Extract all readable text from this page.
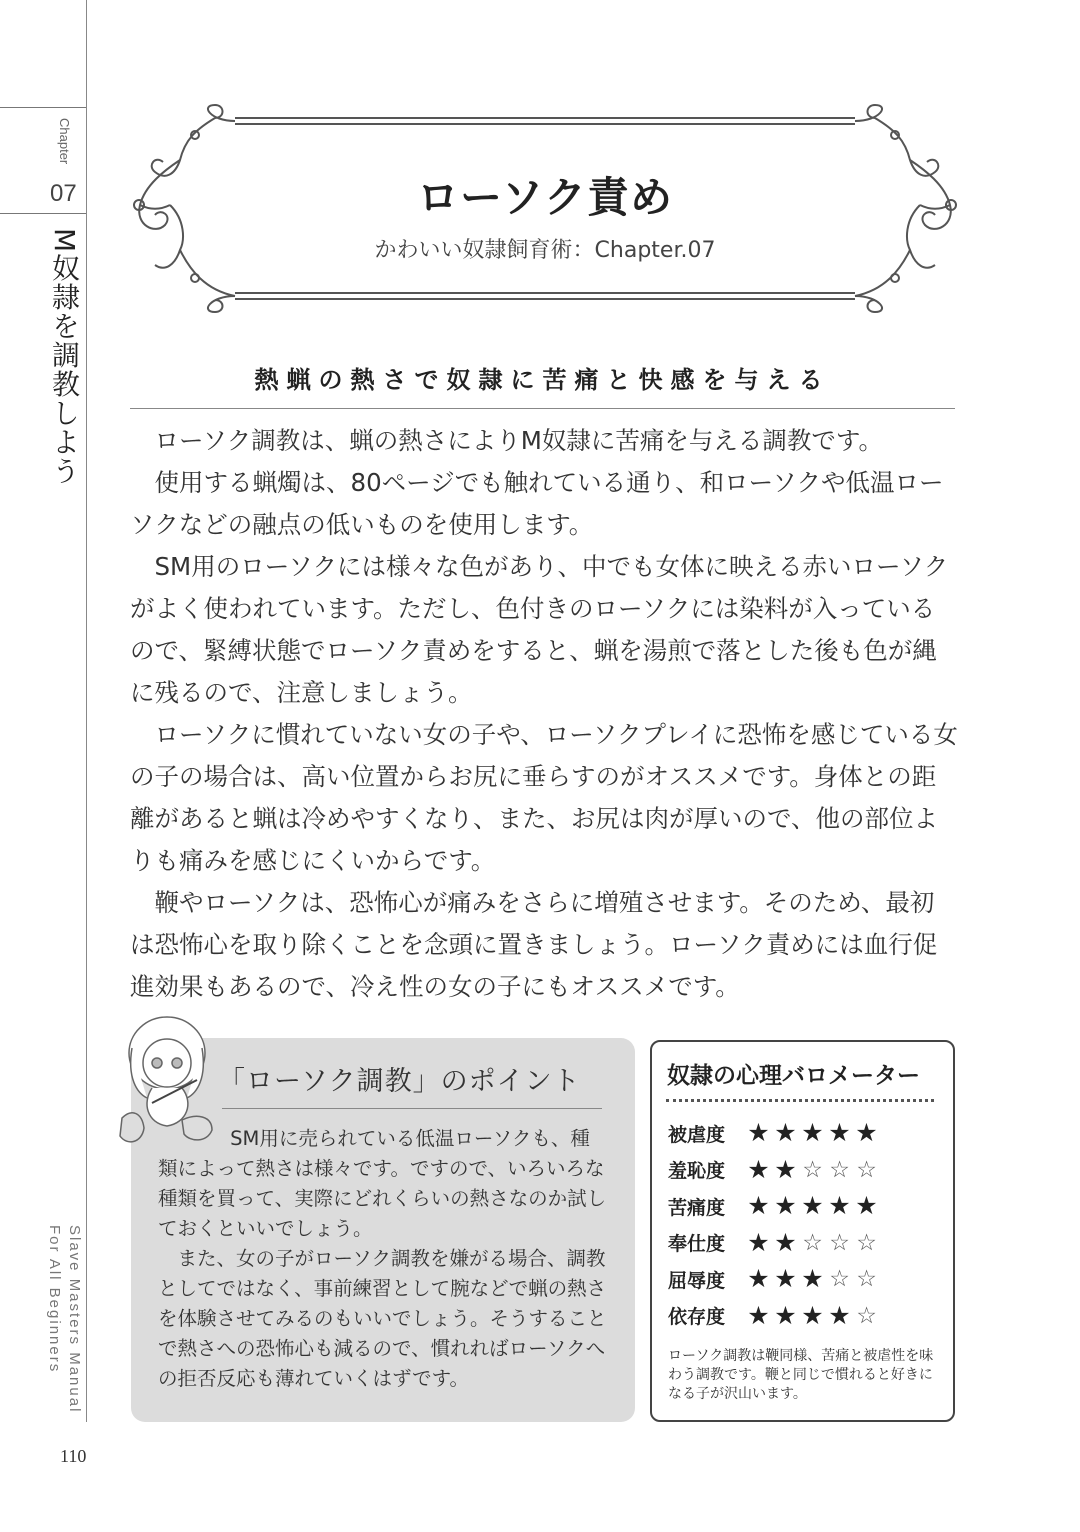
Chapter
07
M奴隷を調教しよう
Slave Masters Manual
For All Beginners
110
ローソク責め
かわいい奴隷飼育術：Chapter.07
熱蝋の熱さで奴隷に苦痛と快感を与える

ローソク調教は、蝋の熱さによりM奴隷に苦痛を与える調教です。

使用する蝋燭は、80ページでも触れている通り、和ローソクや低温ローソクなどの融点の低いものを使用します。

SM用のローソクには様々な色があり、中でも女体に映える赤いローソクがよく使われています。ただし、色付きのローソクには染料が入っているので、緊縛状態でローソク責めをすると、蝋を湯煎で落とした後も色が縄に残るので、注意しましょう。

ローソクに慣れていない女の子や、ローソクプレイに恐怖を感じている女の子の場合は、高い位置からお尻に垂らすのがオススメです。身体との距離があると蝋は冷めやすくなり、また、お尻は肉が厚いので、他の部位よりも痛みを感じにくいからです。

鞭やローソクは、恐怖心が痛みをさらに増殖させます。そのため、最初は恐怖心を取り除くことを念頭に置きましょう。ローソク責めには血行促進効果もあるので、冷え性の女の子にもオススメです。

「ローソク調教」のポイント

SM用に売られている低温ローソクも、種類によって熱さは様々です。ですので、いろいろな種類を買って、実際にどれくらいの熱さなのか試しておくといいでしょう。

また、女の子がローソク調教を嫌がる場合、調教としてではなく、事前練習として腕などで蝋の熱さを体験させてみるのもいいでしょう。そうすることで熱さへの恐怖心も減るので、慣れればローソクへの拒否反応も薄れていくはずです。

奴隷の心理バロメーター
被虐度 ★ ★ ★ ★ ★
羞恥度 ★ ★ ☆ ☆ ☆
苦痛度 ★ ★ ★ ★ ★
奉仕度 ★ ★ ☆ ☆ ☆
屈辱度 ★ ★ ★ ☆ ☆
依存度 ★ ★ ★ ★ ☆
ローソク調教は鞭同様、苦痛と被虐性を味わう調教です。鞭と同じで慣れると好きになる子が沢山います。
